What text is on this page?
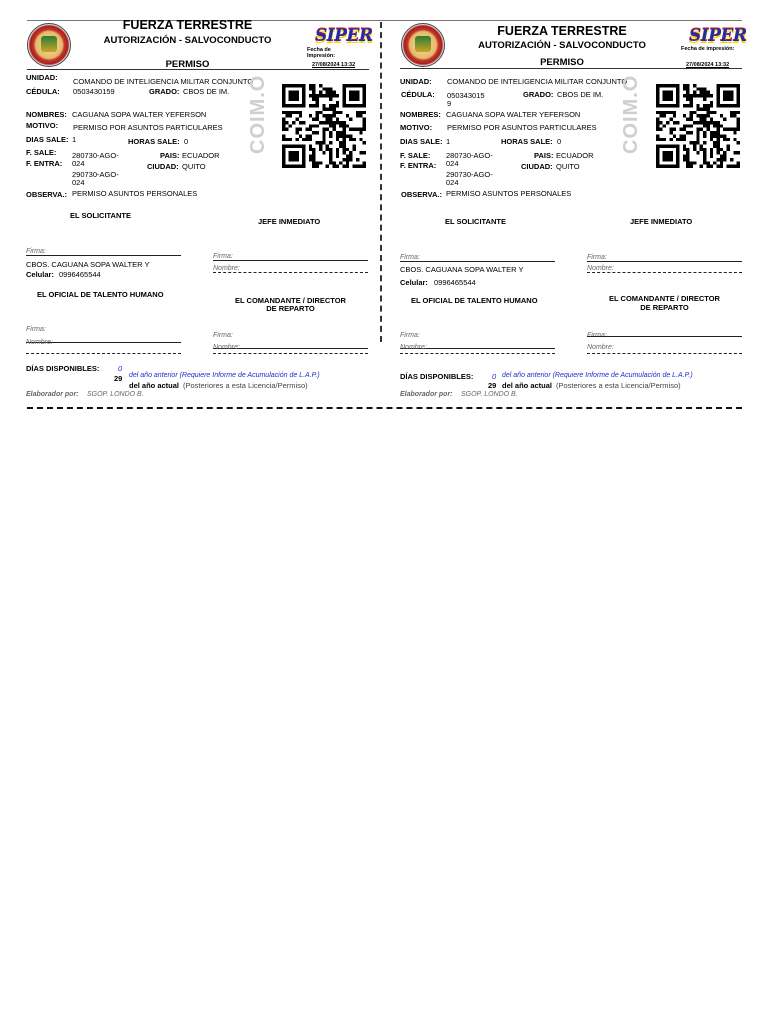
FUERZA TERRESTRE
AUTORIZACIÓN - SALVOCONDUCTO
PERMISO
SIPER
Fecha de Impresión:
27/08/2024 13:32
UNIDAD: COMANDO DE INTELIGENCIA MILITAR CONJUNTO
CÉDULA: 0503430159	GRADO: CBOS DE IM.
NOMBRES: CAGUANA SOPA WALTER YEFERSON
MOTIVO: PERMISO POR ASUNTOS PARTICULARES
DIAS SALE: 1	HORAS SALE: 0
F. SALE: 280730-AGO-
024
PAIS: ECUADOR
F. ENTRA:	CIUDAD: QUITO
290730-AGO-
024
OBSERVA.: PERMISO ASUNTOS PERSONALES
COIM.O
EL SOLICITANTE
JEFE INMEDIATO
Firma:
CBOS. CAGUANA SOPA WALTER Y
Celular: 0996465544
Firma:
Nombre:
EL OFICIAL DE TALENTO HUMANO
EL COMANDANTE / DIRECTOR
DE REPARTO
Firma:
Nombre:
Firma:
Nombre:
DÍAS DISPONIBLES: 0
del año anterior (Requiere Informe de Acumulación de L.A.P.)
29
del año actual (Posteriores a esta Licencia/Permiso)
Elaborador por: SGOP. LONDO B.
FUERZA TERRESTRE
AUTORIZACIÓN - SALVOCONDUCTO
PERMISO
SIPER
Fecha de impresión:
27/08/2024 13:32
UNIDAD: COMANDO DE INTELIGENCIA MILITAR CONJUNTO
CÉDULA: 050343015
9
GRADO: CBOS DE IM.
NOMBRES: CAGUANA SOPA WALTER YEFERSON
MOTIVO: PERMISO POR ASUNTOS PARTICULARES
DIAS SALE: 1	HORAS SALE: 0
F. SALE: 280730-AGO-
024
PAIS: ECUADOR
F. ENTRA:	CIUDAD: QUITO
290730-AGO-
024
OBSERVA.: PERMISO ASUNTOS PERSONALES
COIM.O
EL SOLICITANTE	JEFE INMEDIATO
Firma:
CBOS. CAGUANA SOPA WALTER Y
Celular: 0996465544
Firma:
Nombre:
EL OFICIAL DE TALENTO HUMANO	EL COMANDANTE / DIRECTOR
DE REPARTO
Firma:
Nombre:
Firma:
Nombre:
DÍAS DISPONIBLES: 0 del año anterior (Requiere Informe de Acumulación de L.A.P.)
29 del año actual (Posteriores a esta Licencia/Permiso)
Elaborador por: SGOP. LONDO B.
